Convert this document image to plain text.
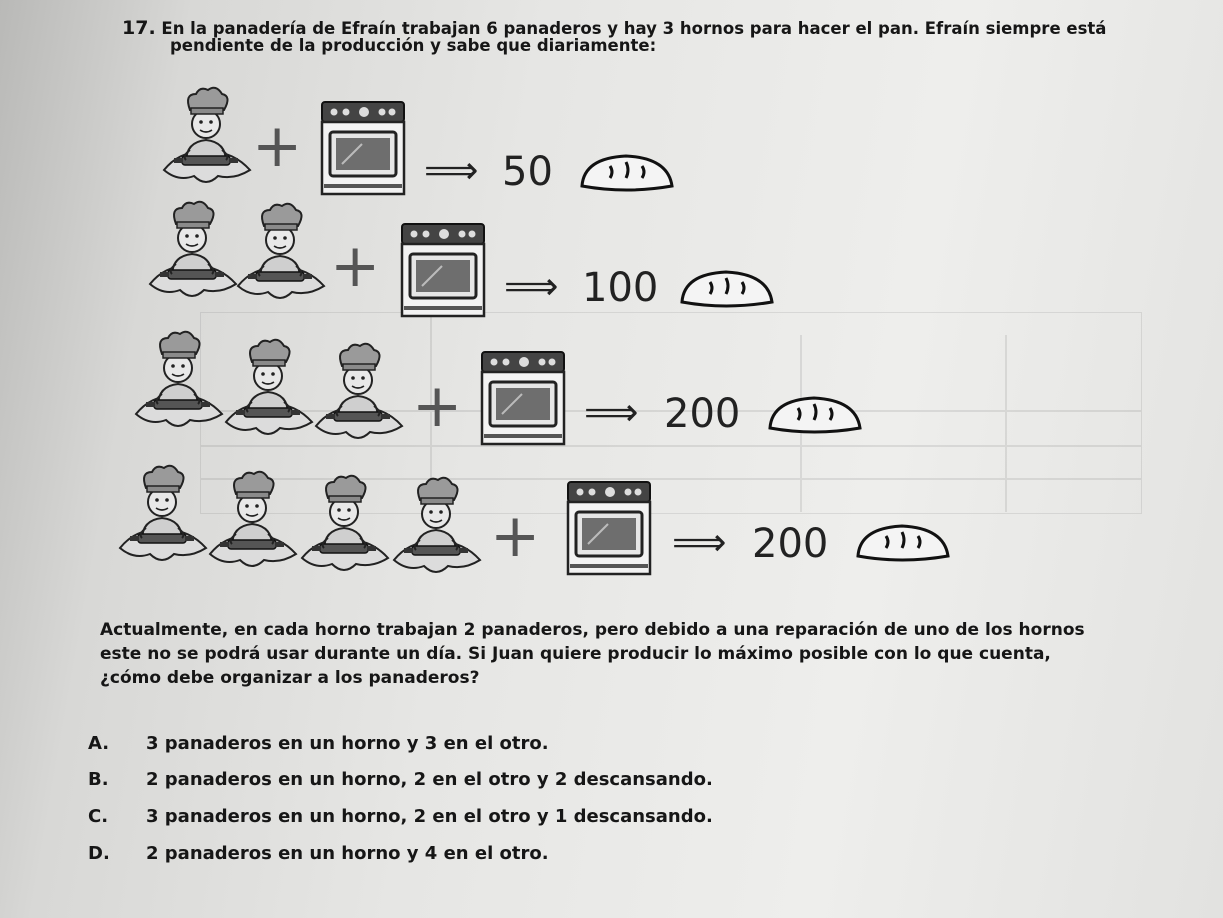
17. En la panadería de Efraín trabajan 6 panaderos y hay 3 hornos para hacer el pan. Efraín siempre está
pendiente de la producción y sabe que diariamente:
+	⟹ 50
+	⟹ 100
+	⟹ 200
+	⟹ 200
Actualmente, en cada horno trabajan 2 panaderos, pero debido a una reparación de uno de los hornos
este no se podrá usar durante un día. Si Juan quiere producir lo máximo posible con lo que cuenta,
¿cómo debe organizar a los panaderos?
A. 3 panaderos en un horno y 3 en el otro.
B. 2 panaderos en un horno, 2 en el otro y 2 descansando.
C. 3 panaderos en un horno, 2 en el otro y 1 descansando.
D. 2 panaderos en un horno y 4 en el otro.
